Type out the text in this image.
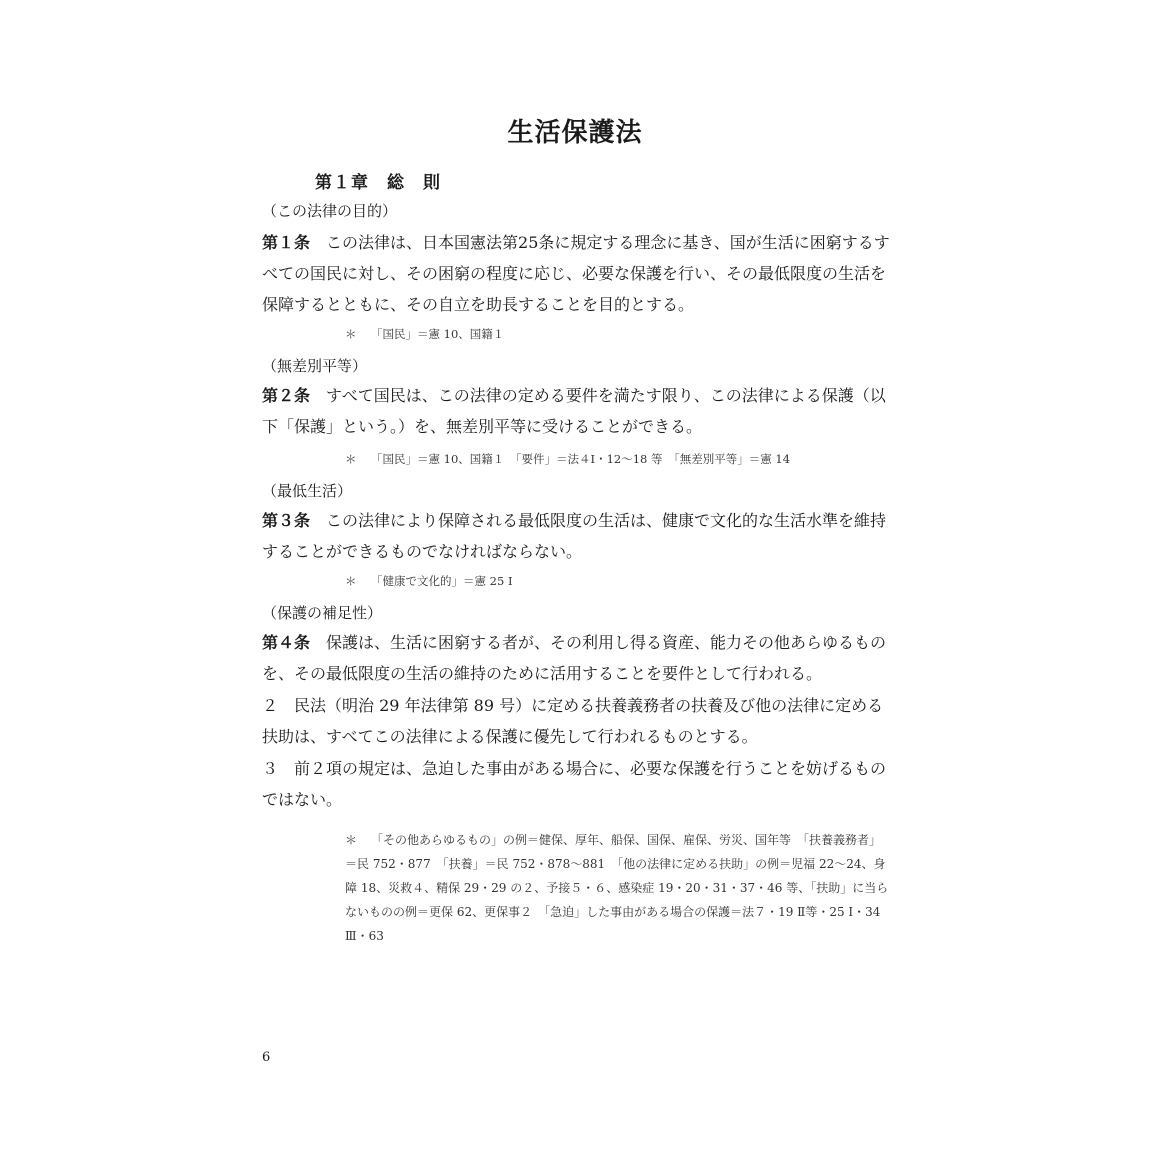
生活保護法
第１章　総　則
（この法律の目的）
第１条　 この法律は、日本国憲法第25条に規定する理念に基き、国が生活に困窮するすべての国民に対し、その困窮の程度に応じ、必要な保護を行い、その最低限度の生活を保障するとともに、その自立を助長することを目的とする。
＊ 「国民」＝憲 10、国籍１
（無差別平等）
第２条　 すべて国民は、この法律の定める要件を満たす限り、この法律による保護（以下「保護」という。）を、無差別平等に受けることができる。
＊ 「国民」＝憲 10、国籍１　「要件」＝法４Ⅰ・12〜18 等　「無差別平等」＝憲 14
（最低生活）
第３条　 この法律により保障される最低限度の生活は、健康で文化的な生活水準を維持することができるものでなければならない。
＊ 「健康で文化的」＝憲 25 Ⅰ
（保護の補足性）
第４条　 保護は、生活に困窮する者が、その利用し得る資産、能力その他あらゆるものを、その最低限度の生活の維持のために活用することを要件として行われる。
２　 民法（明治 29 年法律第 89 号）に定める扶養義務者の扶養及び他の法律に定める扶助は、すべてこの法律による保護に優先して行われるものとする。
３　 前２項の規定は、急迫した事由がある場合に、必要な保護を行うことを妨げるものではない。
＊ 「その他あらゆるもの」の例＝健保、厚年、船保、国保、雇保、労災、国年等　「扶養義務者」＝民 752・877　「扶養」＝民 752・878〜881　「他の法律に定める扶助」の例＝児福 22〜24、身障 18、災救４、精保 29・29 の２、予接５・６、感染症 19・20・31・37・46 等、「扶助」に当らないものの例＝更保 62、更保事２　「急迫」した事由がある場合の保護＝法７・19 Ⅱ等・25 Ⅰ・34 Ⅲ・63
6
